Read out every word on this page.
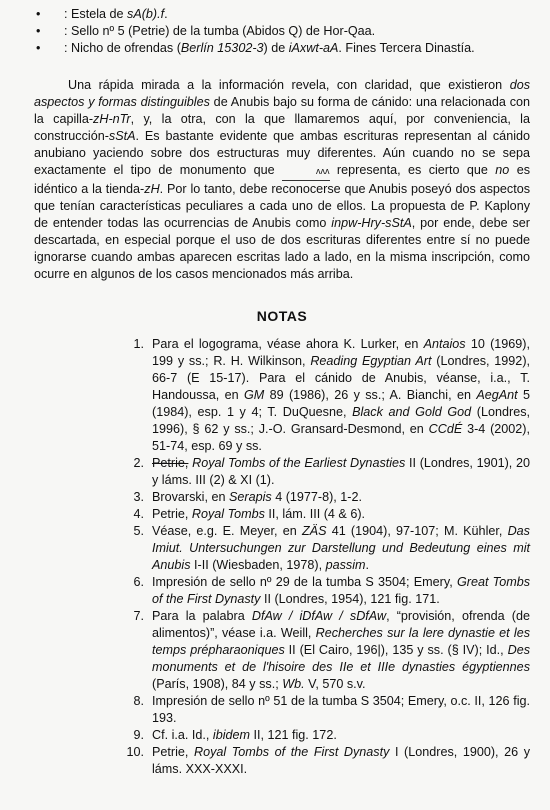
• : Estela de sA(b).f.
• : Sello nº 5 (Petrie) de la tumba (Abidos Q) de Hor-Qaa.
• : Nicho de ofrendas (Berlín 15302-3) de iAxwt-aA. Fines Tercera Dinastía.

Una rápida mirada a la información revela, con claridad, que existieron dos aspectos y formas distinguibles de Anubis bajo su forma de cánido: una relacionada con la capilla-zH-nTr, y, la otra, con la que llamaremos aquí, por conveniencia, la construcción-sStA. Es bastante evidente que ambas escrituras representan al cánido anubiano yaciendo sobre dos estructuras muy diferentes. Aún cuando no se sepa exactamente el tipo de monumento que	ᴧᴧᴧ representa, es cierto que no es idéntico a la tienda-zH. Por lo tanto, debe reconocerse que Anubis poseyó dos aspectos que tenían características peculiares a cada uno de ellos. La propuesta de P. Kaplony de entender todas las ocurrencias de Anubis como inpw-Hry-sStA, por ende, debe ser descartada, en especial porque el uso de dos escrituras diferentes entre sí no puede ignorarse cuando ambas aparecen escritas lado a lado, en la misma inscripción, como ocurre en algunos de los casos mencionados más arriba.

NOTAS
1. Para el logograma, véase ahora K. Lurker, en Antaios 10 (1969), 199 y ss.; R. H. Wilkinson, Reading Egyptian Art (Londres, 1992), 66-7 (E 15-17). Para el cánido de Anubis, véanse, i.a., T. Handoussa, en GM 89 (1986), 26 y ss.; A. Bianchi, en AegAnt 5 (1984), esp. 1 y 4; T. DuQuesne, Black and Gold God (Londres, 1996), § 62 y ss.; J.-O. Gransard-Desmond, en CCdÉ 3-4 (2002), 51-74, esp. 69 y ss.
2. Petrie, Royal Tombs of the Earliest Dynasties II (Londres, 1901), 20 y láms. III (2) & XI (1).
3. Brovarski, en Serapis 4 (1977-8), 1-2.
4. Petrie, Royal Tombs II, lám. III (4 & 6).
5. Véase, e.g. E. Meyer, en ZÄS 41 (1904), 97-107; M. Kühler, Das Imiut. Untersuchungen zur Darstellung und Bedeutung eines mit Anubis I-II (Wiesbaden, 1978), passim.
6. Impresión de sello nº 29 de la tumba S 3504; Emery, Great Tombs of the First Dynasty II (Londres, 1954), 121 fig. 171.
7. Para la palabra DfAw / iDfAw / sDfAw, “provisión, ofrenda (de alimentos)”, véase i.a. Weill, Recherches sur la lere dynastie et les temps prépharaoniques II (El Cairo, 196|), 135 y ss. (§ IV); Id., Des monuments et de l'hisoire des IIe et IIIe dynasties égyptiennes (París, 1908), 84 y ss.; Wb. V, 570 s.v.
8. Impresión de sello nº 51 de la tumba S 3504; Emery, o.c. II, 126 fig. 193.
9. Cf. i.a. Id., ibidem II, 121 fig. 172.
10. Petrie, Royal Tombs of the First Dynasty I (Londres, 1900), 26 y láms. XXX-XXXI.
